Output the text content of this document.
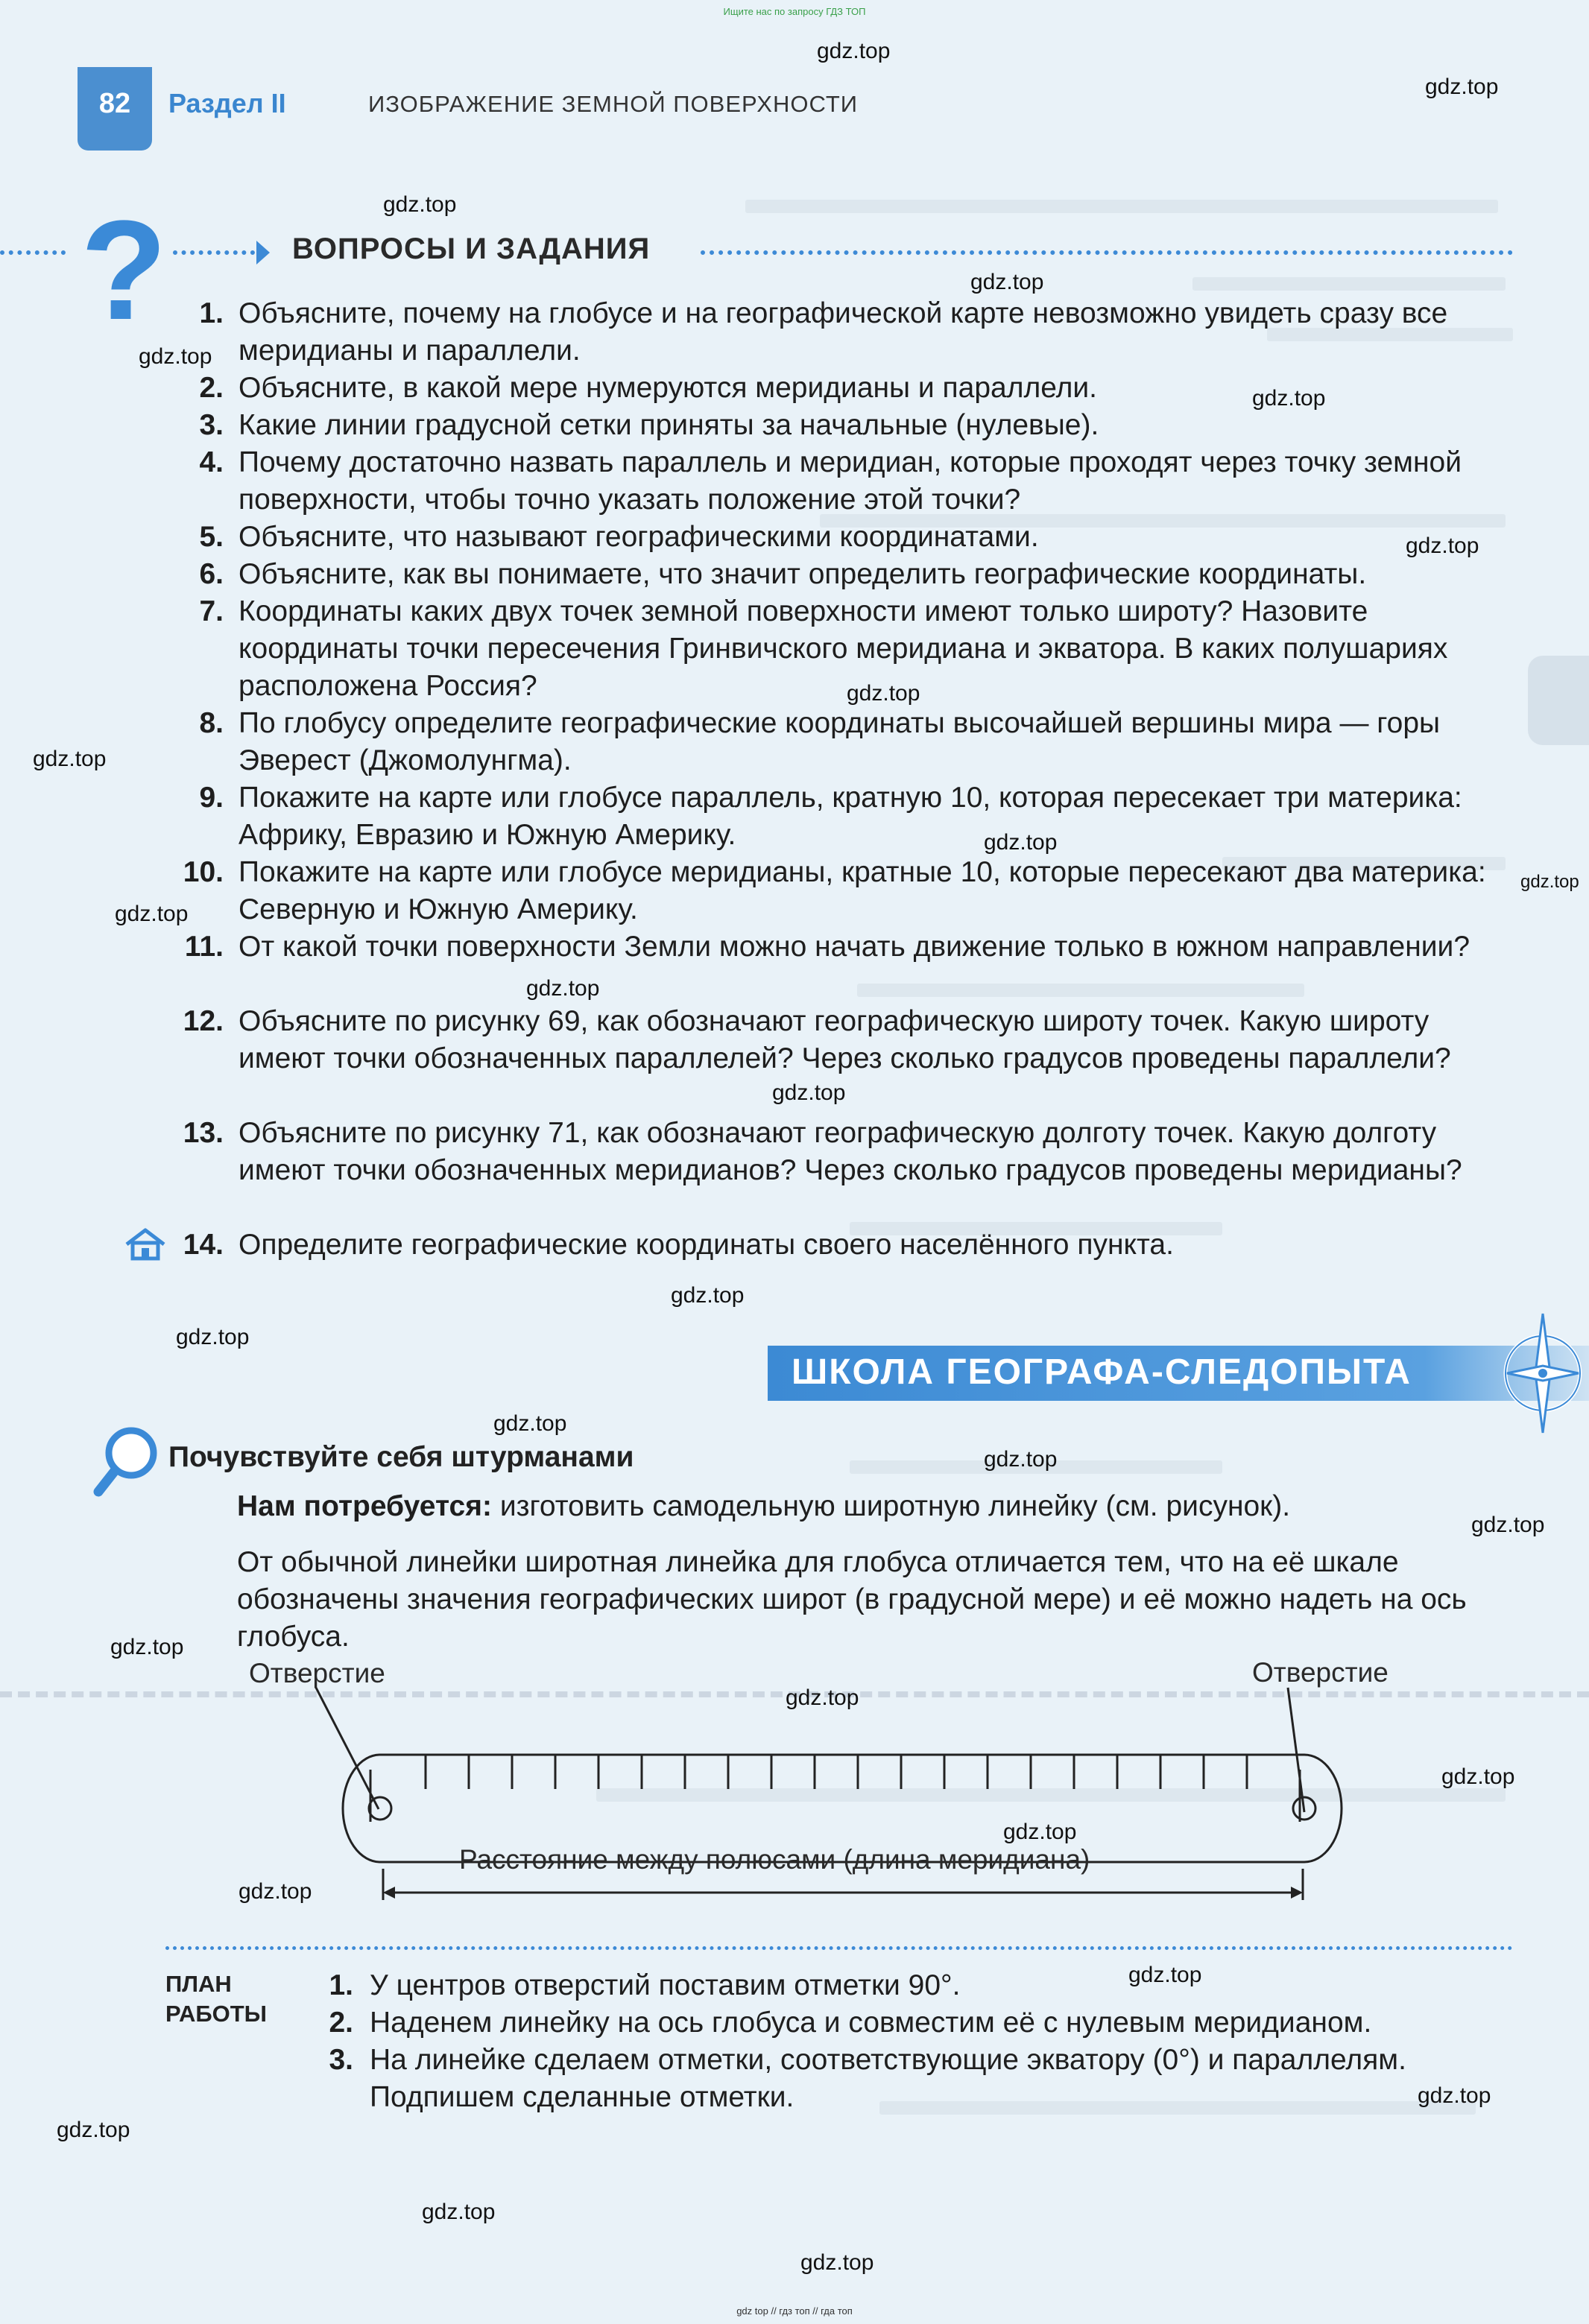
Ищите нас по запросу ГДЗ ТОП
82	Раздел II	ИЗОБРАЖЕНИЕ ЗЕМНОЙ ПОВЕРХНОСТИ
?	ВОПРОСЫ И ЗАДАНИЯ
1. Объясните, почему на глобусе и на географической карте невозможно увидеть сразу все меридианы и параллели.
2. Объясните, в какой мере нумеруются меридианы и параллели.
3. Какие линии градусной сетки приняты за начальные (нулевые).
4. Почему достаточно назвать параллель и меридиан, которые проходят через точку земной поверхности, чтобы точно указать положение этой точки?
5. Объясните, что называют географическими координатами.
6. Объясните, как вы понимаете, что значит определить географические координаты.
7. Координаты каких двух точек земной поверхности имеют только широту? Назовите координаты точки пересечения Гринвичского меридиана и экватора. В каких полушариях расположена Россия?
8. По глобусу определите географические координаты высочайшей вершины мира — горы Эверест (Джомолунгма).
9. Покажите на карте или глобусе параллель, кратную 10, которая пересекает три материка: Африку, Евразию и Южную Америку.
10. Покажите на карте или глобусе меридианы, кратные 10, которые пересекают два материка: Северную и Южную Америку.
11. От какой точки поверхности Земли можно начать движение только в южном направлении?
12. Объясните по рисунку 69, как обозначают географическую широту точек. Какую широту имеют точки обозначенных параллелей? Через сколько градусов проведены параллели?
13. Объясните по рисунку 71, как обозначают географическую долготу точек. Какую долготу имеют точки обозначенных меридианов? Через сколько градусов проведены меридианы?
14. Определите географические координаты своего населённого пункта.
ШКОЛА ГЕОГРАФА-СЛЕДОПЫТА
Почувствуйте себя штурманами
Нам потребуется: изготовить самодельную широтную линейку (см. рисунок).
От обычной линейки широтная линейка для глобуса отличается тем, что на её шкале обозначены значения географических широт (в градусной мере) и её можно надеть на ось глобуса.
Отверстие	Отверстие
Расстояние между полюсами (длина меридиана)
ПЛАН
РАБОТЫ
1. У центров отверстий поставим отметки 90°.
2. Наденем линейку на ось глобуса и совместим её с нулевым меридианом.
3. На линейке сделаем отметки, соответствующие экватору (0°) и параллелям. Подпишем сделанные отметки.
gdz.top
gdz.top
gdz.top
gdz.top
gdz.top
gdz.top
gdz.top
gdz.top
gdz.top
gdz.top
gdz.top
gdz.top
gdz.top
gdz.top
gdz.top
gdz.top
gdz.top
gdz.top
gdz.top
gdz.top
gdz.top
gdz.top
gdz.top
gdz.top
gdz.top
gdz.top
gdz.top
gdz.top
gdz.top
gdz top // гдз топ // гда топ
